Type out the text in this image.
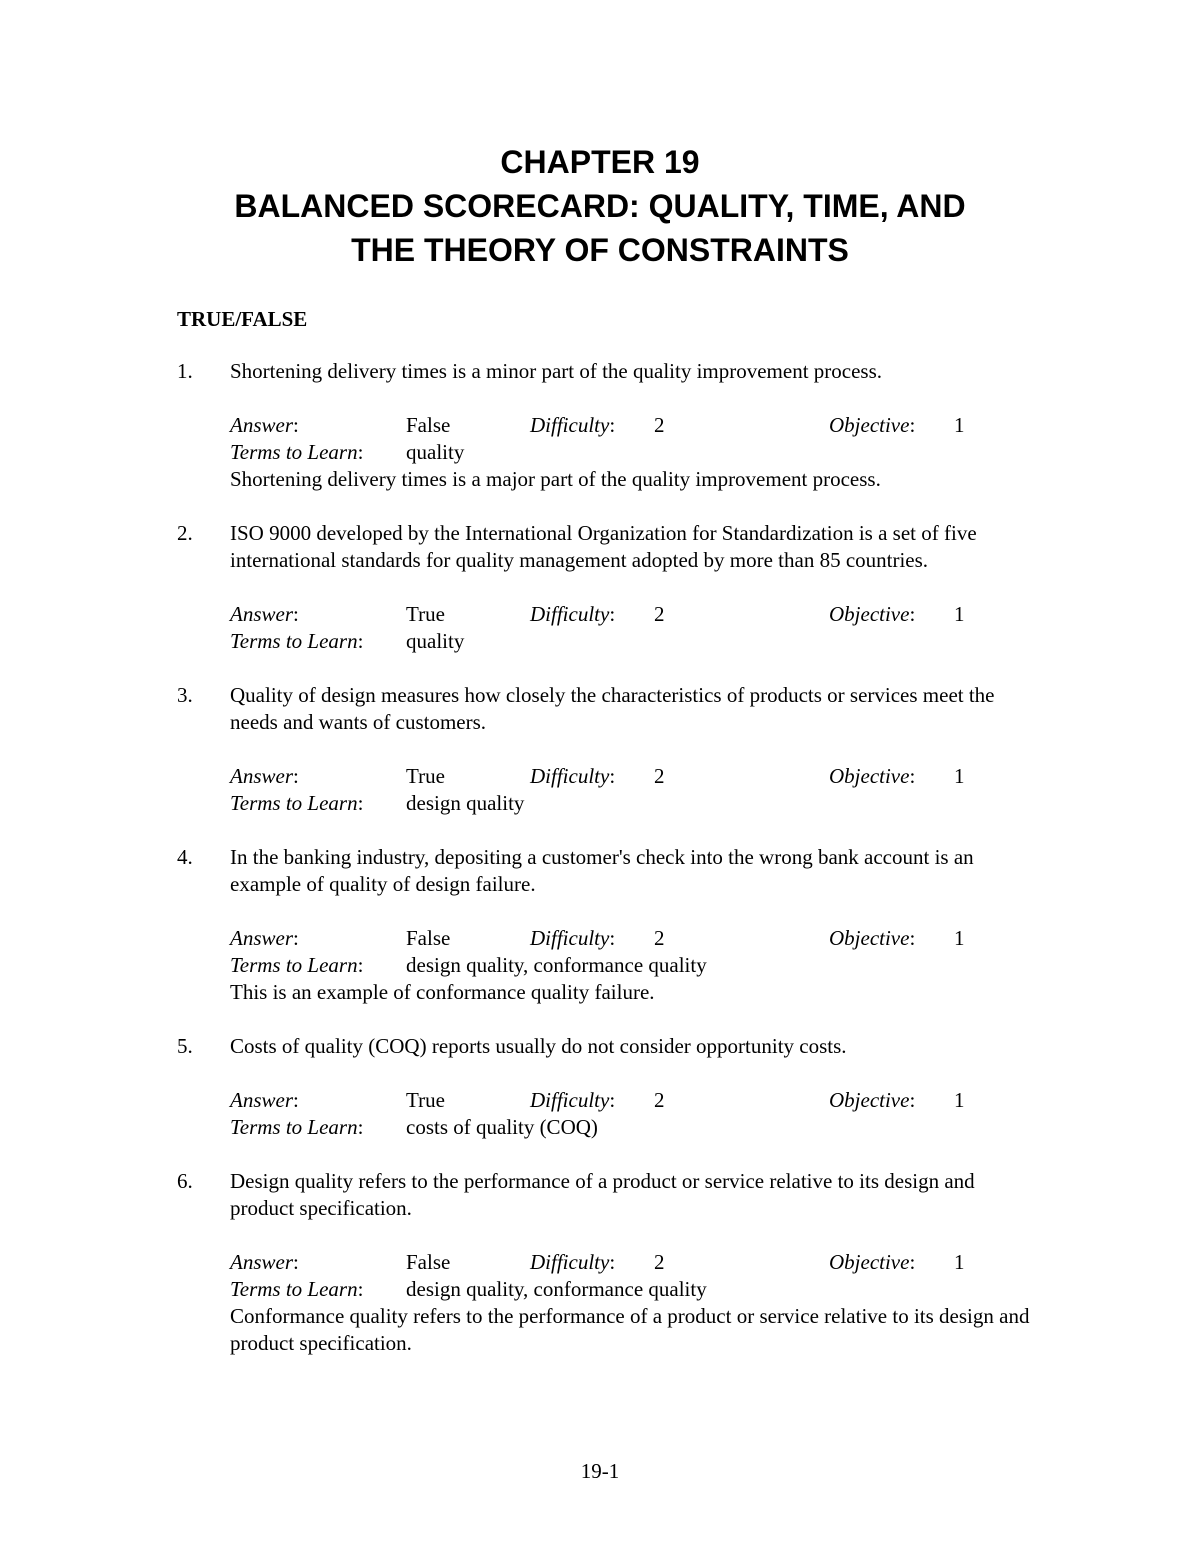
CHAPTER 19
BALANCED SCORECARD: QUALITY, TIME, AND
THE THEORY OF CONSTRAINTS
TRUE/FALSE
1.	Shortening delivery times is a minor part of the quality improvement process.

Answer:	False	Difficulty: 2	Objective: 1
Terms to Learn: quality

Shortening delivery times is a major part of the quality improvement process.

2.	ISO 9000 developed by the International Organization for Standardization is a set of five international standards for quality management adopted by more than 85 countries.

Answer:	True	Difficulty: 2	Objective: 1
Terms to Learn: quality
3.	Quality of design measures how closely the characteristics of products or services meet the needs and wants of customers.

Answer:	True	Difficulty: 2	Objective: 1
Terms to Learn: design quality
4.	In the banking industry, depositing a customer's check into the wrong bank account is an example of quality of design failure.

Answer:	False	Difficulty: 2	Objective: 1
Terms to Learn: design quality, conformance quality

This is an example of conformance quality failure.

5.	Costs of quality (COQ) reports usually do not consider opportunity costs.

Answer:	True	Difficulty: 2	Objective: 1
Terms to Learn: costs of quality (COQ)
6.	Design quality refers to the performance of a product or service relative to its design and product specification.

Answer:	False	Difficulty: 2	Objective: 1
Terms to Learn: design quality, conformance quality

Conformance quality refers to the performance of a product or service relative to its design and product specification.

19-1
